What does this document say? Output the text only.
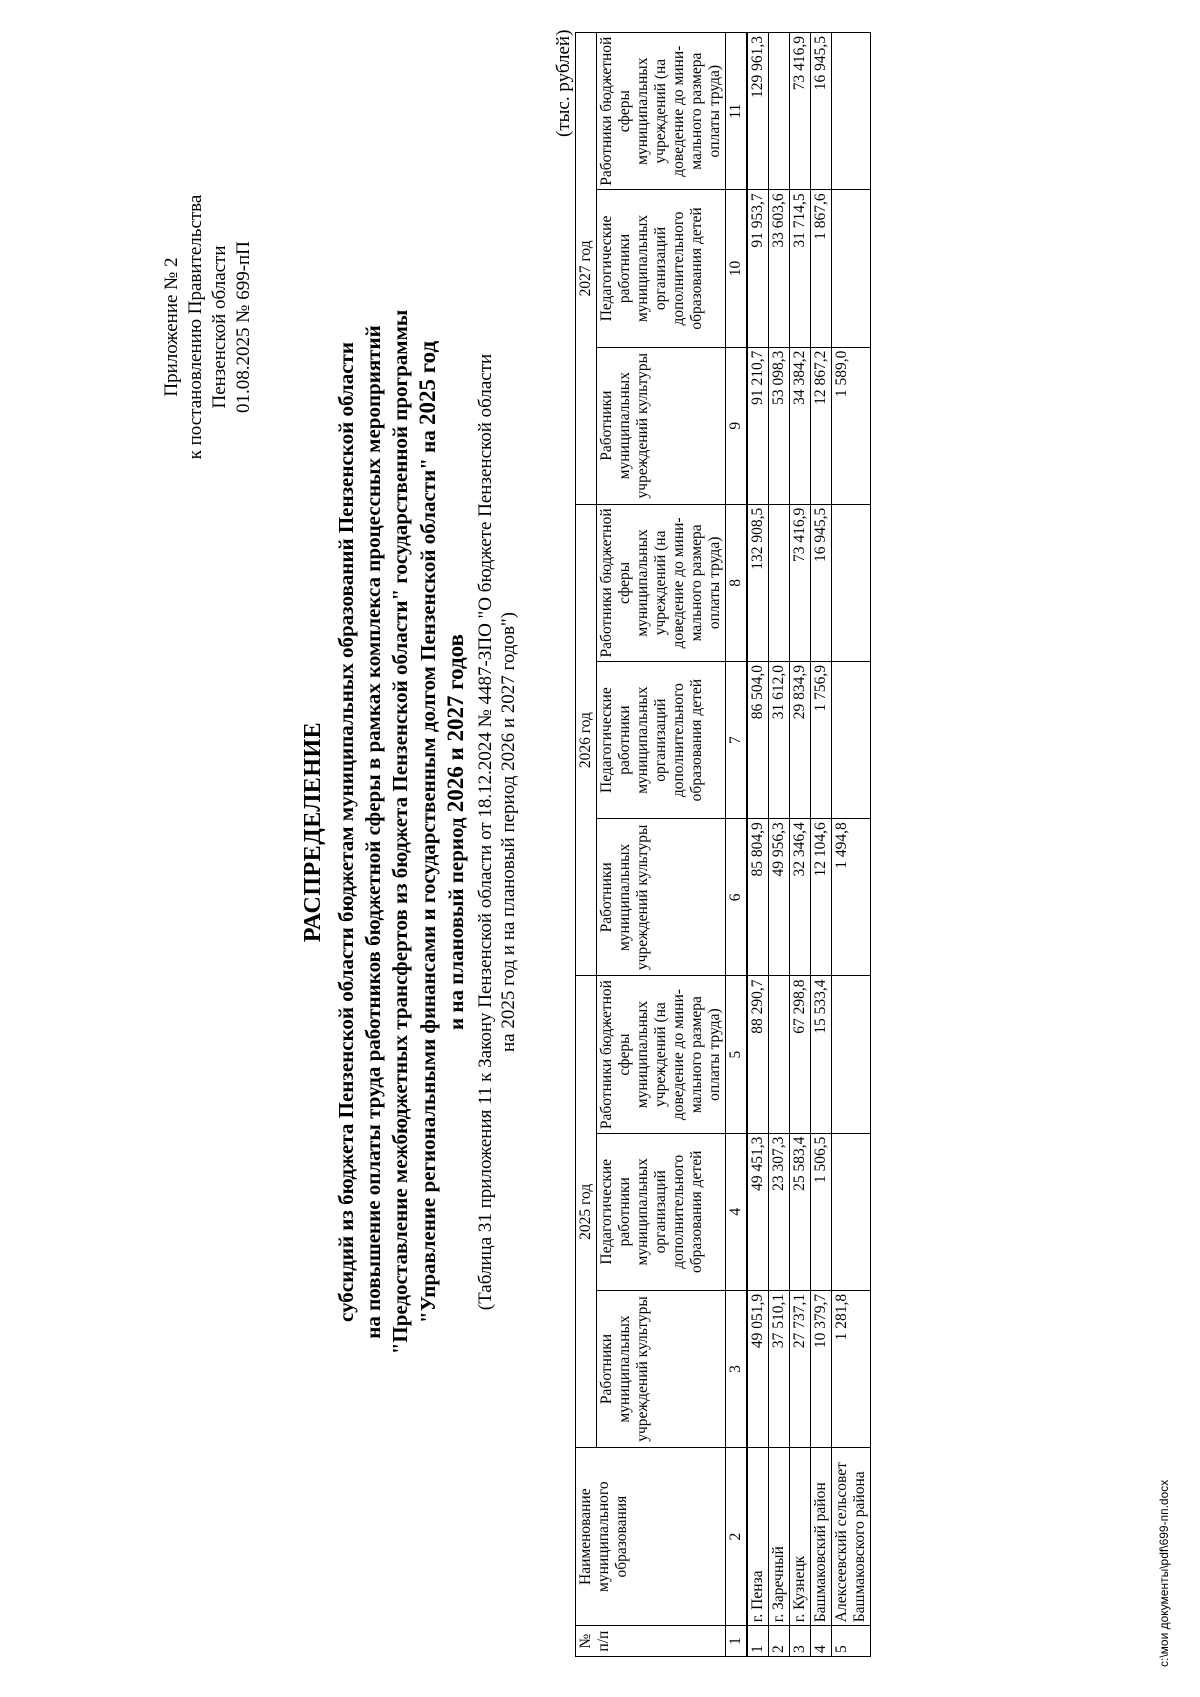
Приложение № 2 к постановлению Правительства Пензенской области 01.08.2025 № 699-пП
РАСПРЕДЕЛЕНИЕ субсидий из бюджета Пензенской области бюджетам муниципальных образований Пензенской области на повышение оплаты труда работников бюджетной сферы в рамках комплекса процессных мероприятий "Предоставление межбюджетных трансфертов из бюджета Пензенской области" государственной программы "Управление региональными финансами и государственным долгом Пензенской области" на 2025 год
и на плановый период 2026 и 2027 годов (Таблица 31 приложения 11 к Закону Пензенской области от 18.12.2024 № 4487-ЗПО "О бюджете Пензенской области на 2025 год и на плановый период 2026 и 2027 годов")
(тыс. рублей)
№ п/п	Наименование муниципального образования	2025 год			2026 год			2027 год		
		Работники муниципальных учреждений культуры	Педагогические работники муниципальных организаций дополнительного образования детей	Работники бюджетной сферы муниципальных учреждений (на доведение до мини- мального размера оплаты труда)	Работники муниципальных учреждений культуры	Педагогические работники муниципальных организаций дополнительного образования детей	Работники бюджетной сферы муниципальных учреждений (на доведение до мини- мального размера оплаты труда)	Работники муниципальных учреждений культуры	Педагогические работники муниципальных организаций дополнительного образования детей	Работники бюджетной сферы муниципальных учреждений (на доведение до мини- мального размера оплаты труда)
1	2	3	4	5	6	7	8	9	10	11
1	г. Пенза	49 051,9	49 451,3	88 290,7	85 804,9	86 504,0	132 908,5	91 210,7	91 953,7	129 961,3
2	г. Заречный	37 510,1	23 307,3		49 956,3	31 612,0		53 098,3	33 603,6	
3	г. Кузнецк	27 737,1	25 583,4	67 298,8	32 346,4	29 834,9	73 416,9	34 384,2	31 714,5	73 416,9
4	Башмаковский район	10 379,7	1 506,5	15 533,4	12 104,6	1 756,9	16 945,5	12 867,2	1 867,6	16 945,5
5	Алексеевский сельсовет Башмаковского района	1 281,8			1 494,8			1 589,0		
c:\мои документы\pdf\699-пп.docx
